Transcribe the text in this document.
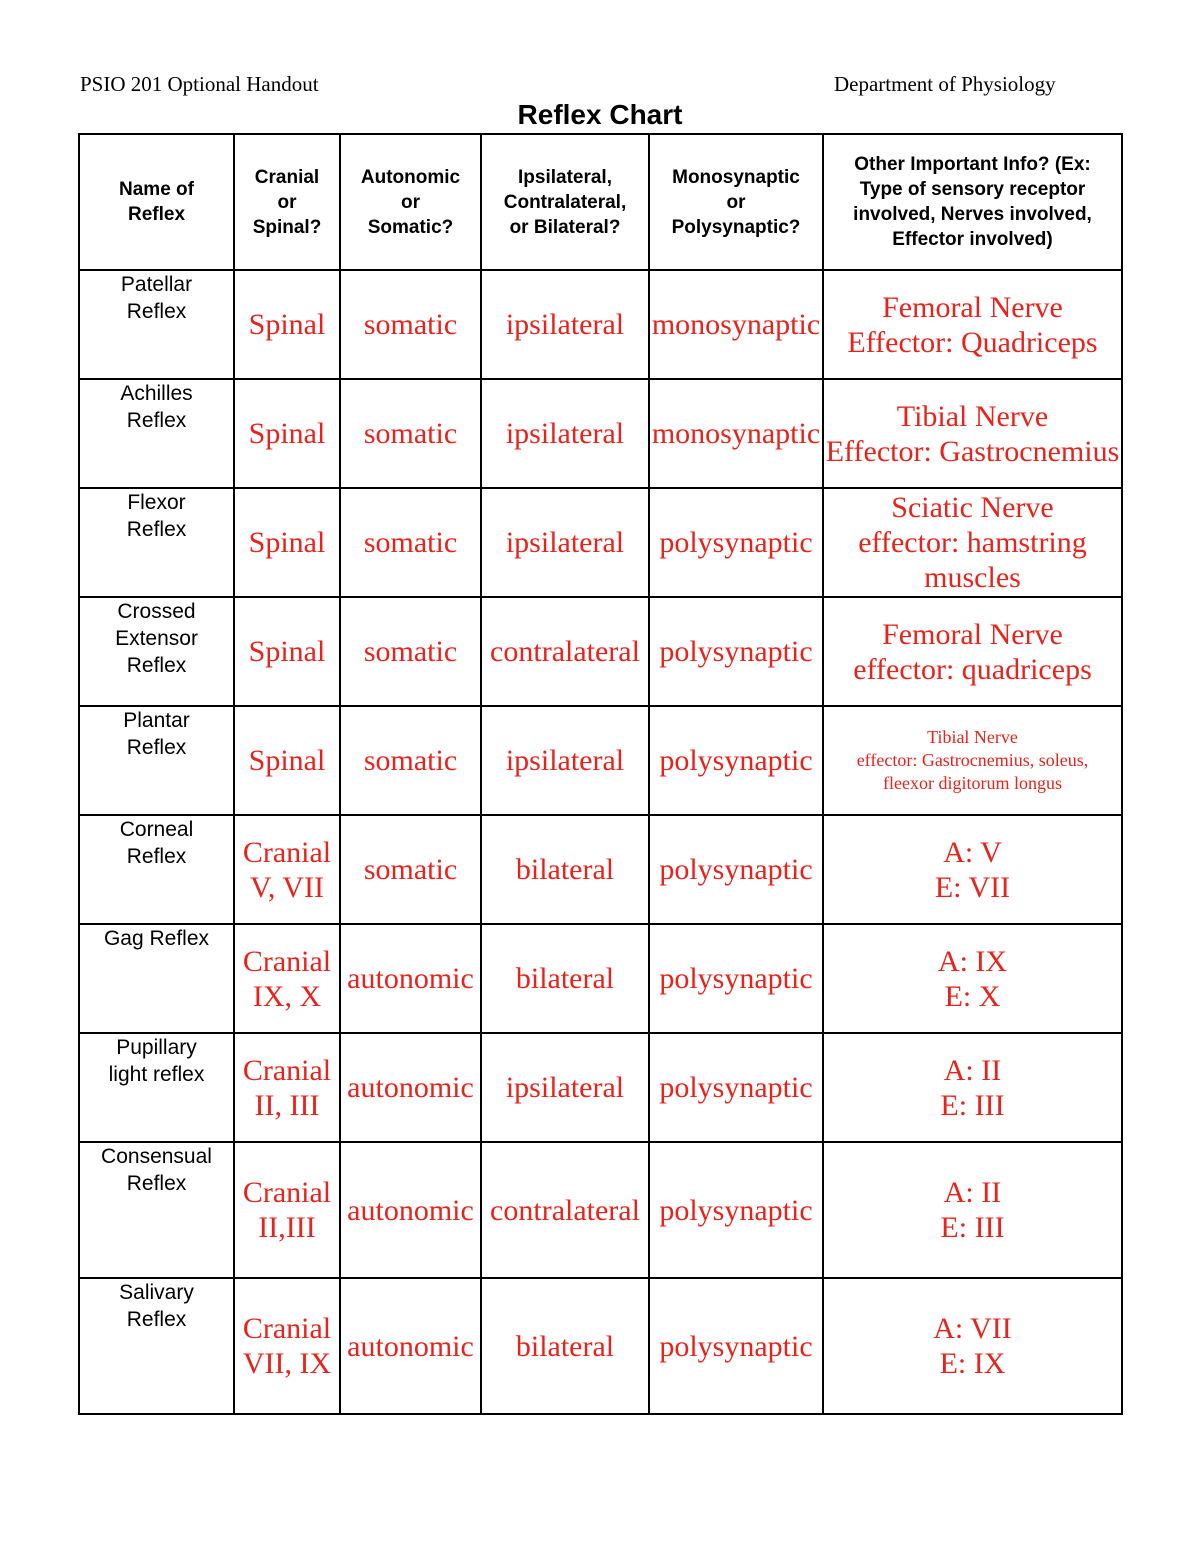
PSIO 201 Optional Handout	Department of Physiology
Reflex Chart
Name of
Reflex	Cranial
or
Spinal?	Autonomic
or
Somatic?	Ipsilateral,
Contralateral,
or Bilateral?	Monosynaptic
or
Polysynaptic?	Other Important Info? (Ex:
Type of sensory receptor
involved, Nerves involved,
Effector involved)

Patellar
Reflex	Spinal	somatic	ipsilateral	monosynaptic	Femoral Nerve
Effector: Quadriceps

Achilles
Reflex	Spinal	somatic	ipsilateral	monosynaptic	Tibial Nerve
Effector: Gastrocnemius

Flexor
Reflex	Spinal	somatic	ipsilateral	polysynaptic	Sciatic Nerve
effector: hamstring
muscles

Crossed
Extensor
Reflex	Spinal	somatic	contralateral	polysynaptic	Femoral Nerve
effector: quadriceps

Plantar
Reflex	Spinal	somatic	ipsilateral	polysynaptic	Tibial Nerve
effector: Gastrocnemius, soleus,
fleexor digitorum longus

Corneal
Reflex	Cranial
V, VII	somatic	bilateral	polysynaptic	A: V
E: VII

Gag Reflex	Cranial
IX, X	autonomic	bilateral	polysynaptic	A: IX
E: X

Pupillary
light reflex	Cranial
II, III	autonomic	ipsilateral	polysynaptic	A: II
E: III

Consensual
Reflex	Cranial
II,III	autonomic	contralateral	polysynaptic	A: II
E: III

Salivary
Reflex	Cranial
VII, IX	autonomic	bilateral	polysynaptic	A: VII
E: IX
